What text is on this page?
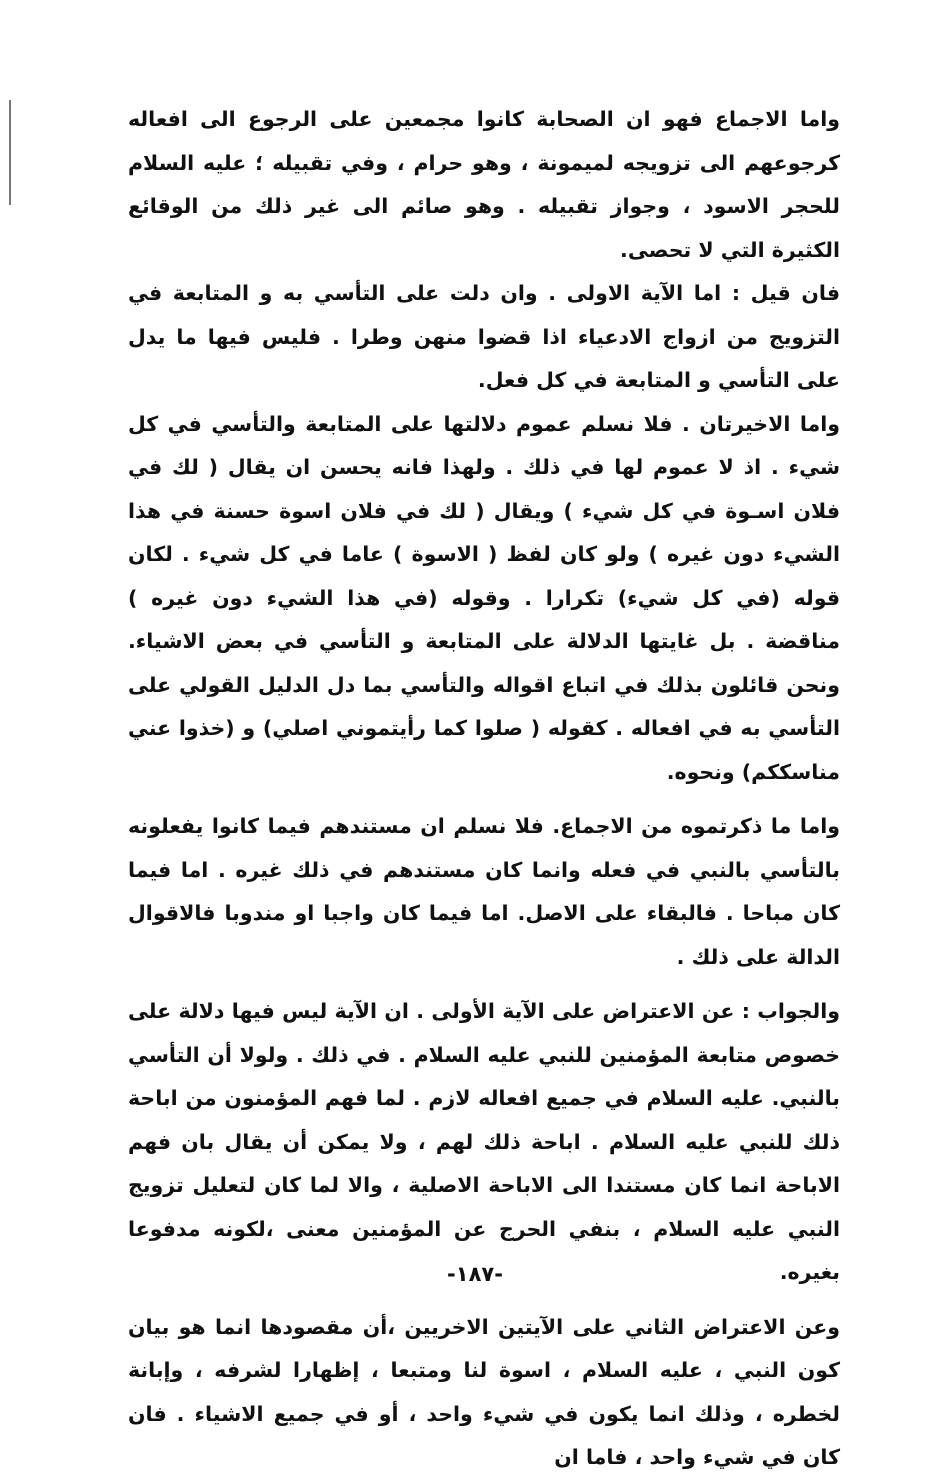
واما الاجماع فهو ان الصحابة كانوا مجمعين على الرجوع الى افعاله كرجوعهم الى تزويجه لميمونة ، وهو حرام ، وفي تقبيله ؛ عليه السلام للحجر الاسود ، وجواز تقبيله . وهو صائم الى غير ذلك من الوقائع الكثيرة التي لا تحصى.

فان قيل : اما الآية الاولى . وان دلت على التأسي به و المتابعة في التزويج من ازواج الادعياء اذا قضوا منهن وطرا . فليس فيها ما يدل على التأسي و المتابعة في كل فعل.

واما الاخيرتان . فلا نسلم عموم دلالتها على المتابعة والتأسي في كل شيء . اذ لا عموم لها في ذلك . ولهذا فانه يحسن ان يقال ( لك في فلان اسـوة في كل شيء ) ويقال ( لك في فلان اسوة حسنة في هذا الشيء دون غيره ) ولو كان لفظ ( الاسوة ) عاما في كل شيء . لكان قوله (في كل شيء) تكرارا . وقوله (في هذا الشيء دون غيره ) مناقضة . بل غايتها الدلالة على المتابعة و التأسي في بعض الاشياء. ونحن قائلون بذلك في اتباع اقواله والتأسي بما دل الدليل القولي على التأسي به في افعاله . كقوله ( صلوا كما رأيتموني اصلي) و (خذوا عني مناسككم) ونحوه.

واما ما ذكرتموه من الاجماع. فلا نسلم ان مستندهم فيما كانوا يفعلونه بالتأسي بالنبي في فعله وانما كان مستندهم في ذلك غيره . اما فيما كان مباحا . فالبقاء على الاصل. اما فيما كان واجبا او مندوبا فالاقوال الدالة على ذلك .

والجواب : عن الاعتراض على الآية الأولى . ان الآية ليس فيها دلالة على خصوص متابعة المؤمنين للنبي عليه السلام . في ذلك . ولولا أن التأسي بالنبي. عليه السلام في جميع افعاله لازم . لما فهم المؤمنون من اباحة ذلك للنبي عليه السلام . اباحة ذلك لهم ، ولا يمكن أن يقال بان فهم الاباحة انما كان مستندا الى الاباحة الاصلية ، والا لما كان لتعليل تزويج النبي عليه السلام ، بنفي الحرج عن المؤمنين معنى ،لكونه مدفوعا بغيره.

وعن الاعتراض الثاني على الآيتين الاخريين ،أن مقصودها انما هو بيان كون النبي ، عليه السلام ، اسوة لنا ومتبعا ، إظهارا لشرفه ، وإبانة لخطره ، وذلك انما يكون في شيء واحد ، أو في جميع الاشياء . فان كان في شيء واحد ، فاما ان

-١٨٧-
